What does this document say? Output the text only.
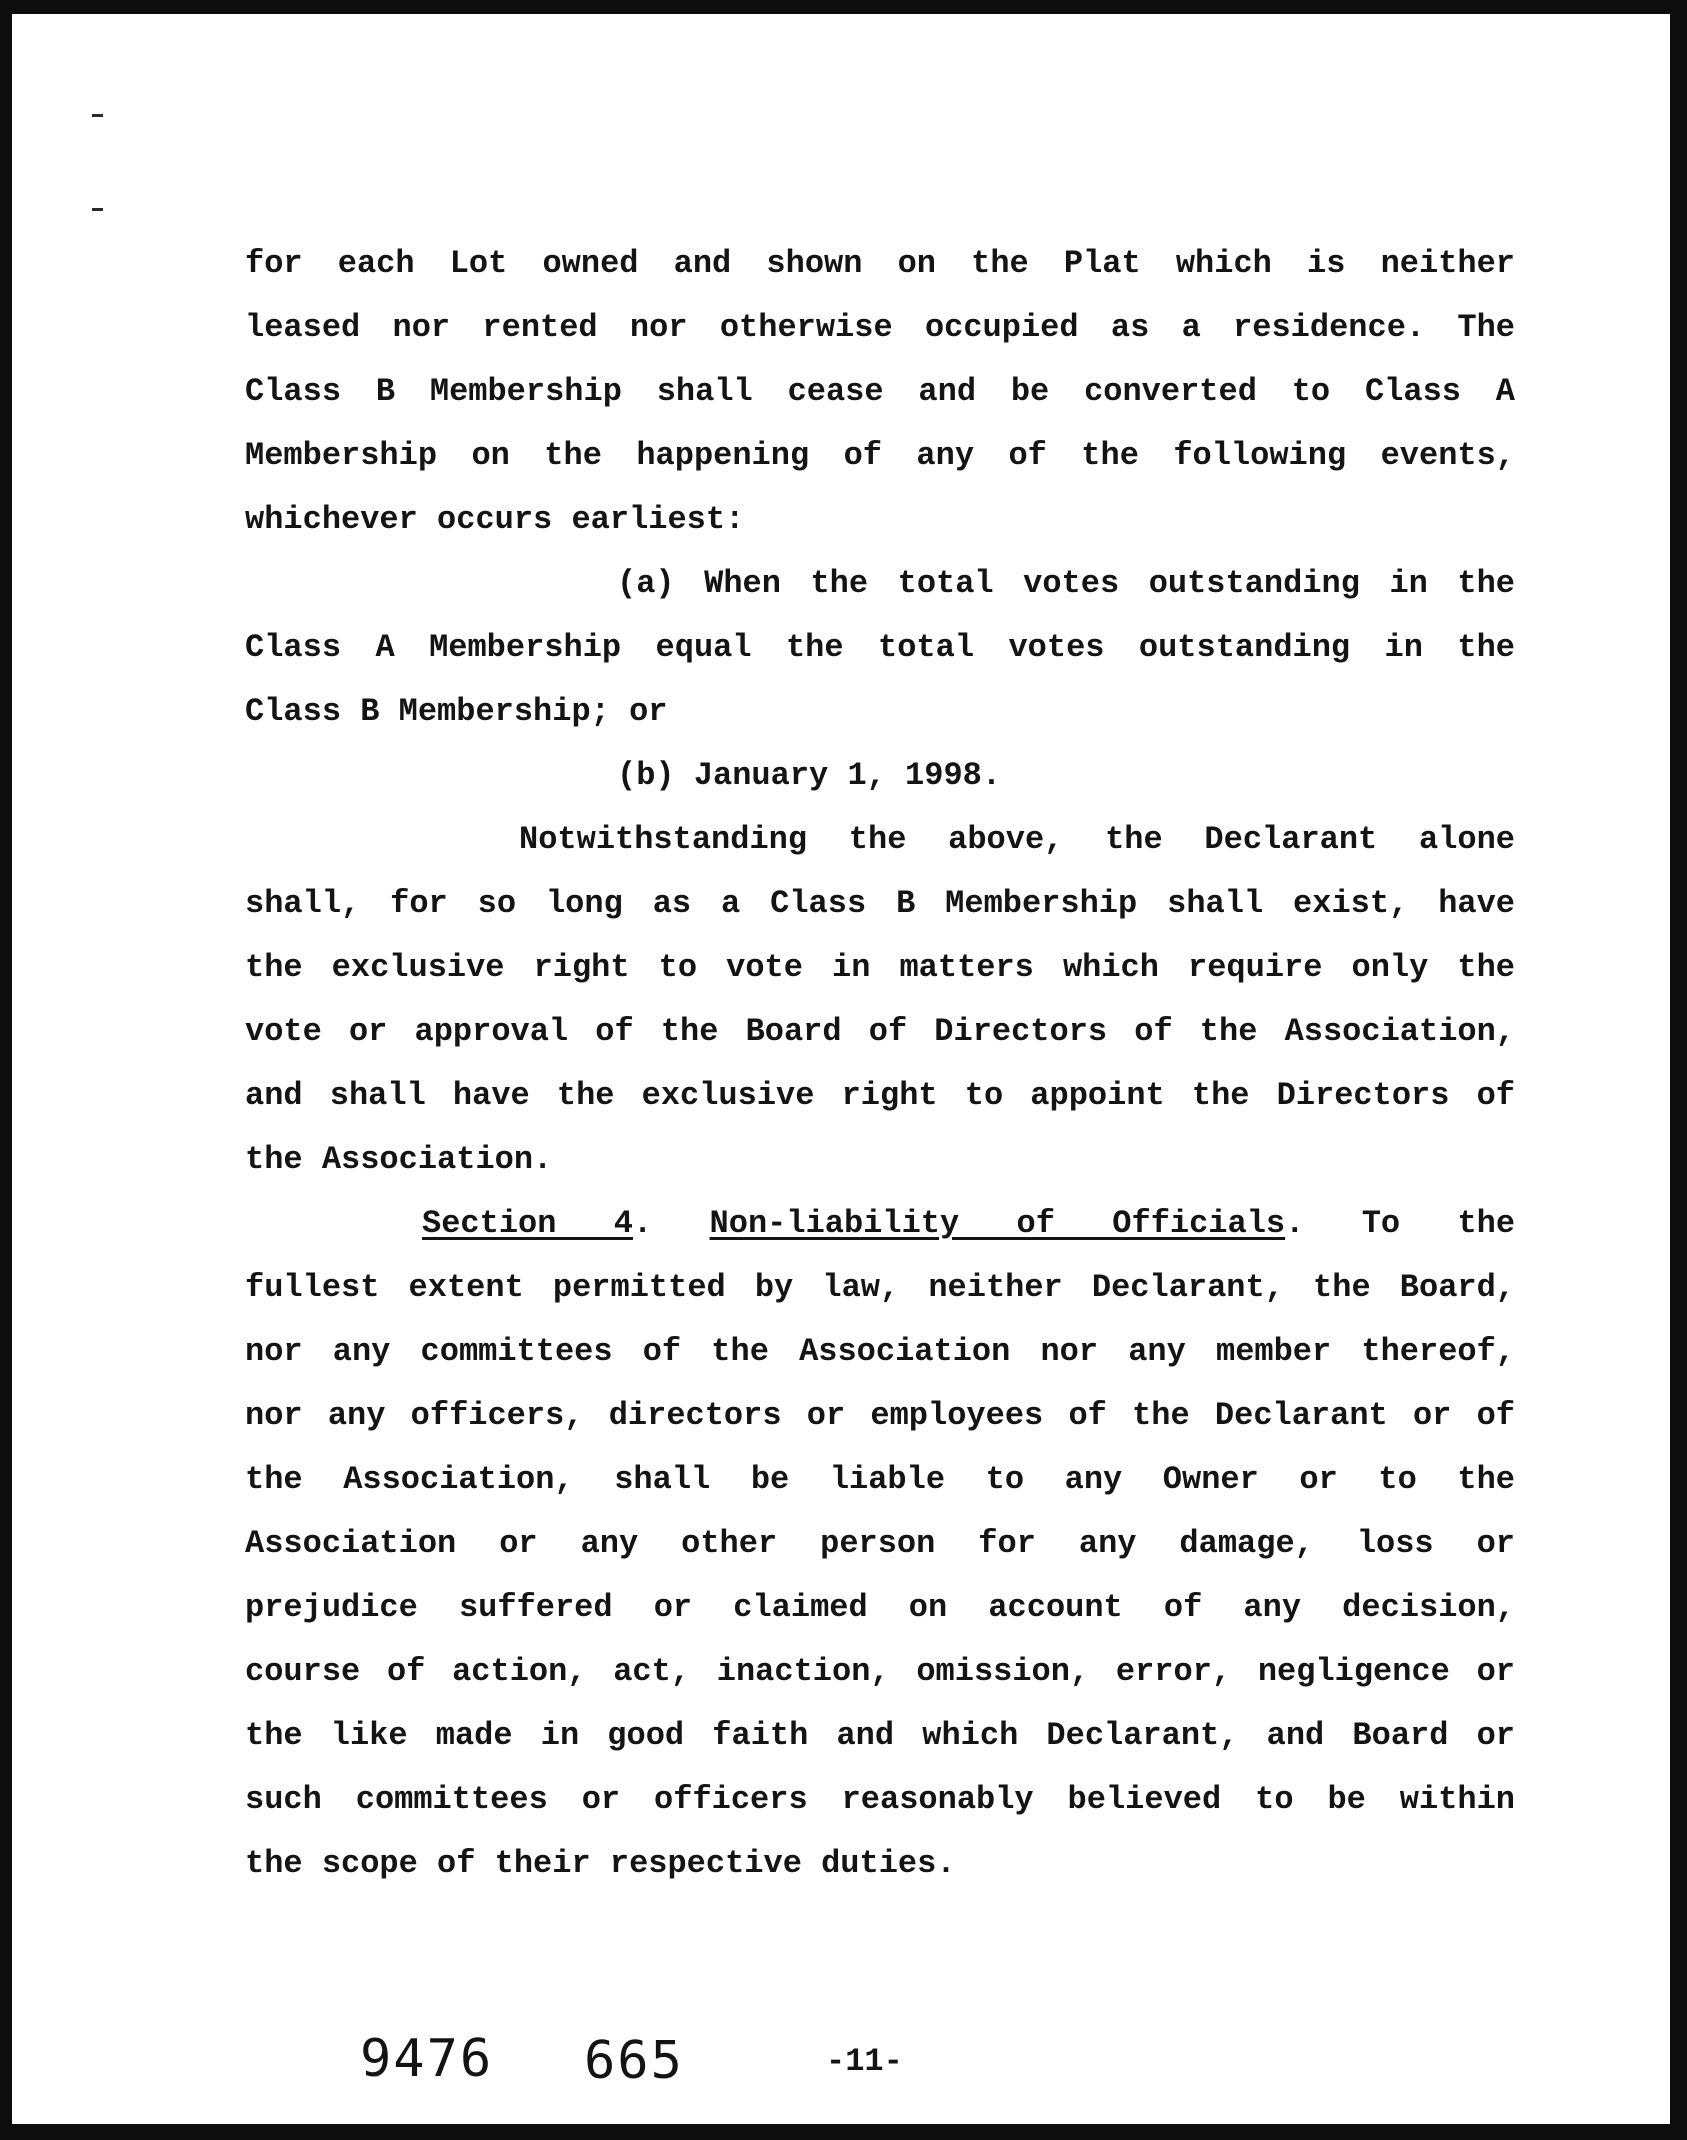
for each Lot owned and shown on the Plat which is neither
leased nor rented nor otherwise occupied as a residence. The
Class B Membership shall cease and be converted to Class A
Membership on the happening of any of the following events,
whichever occurs earliest:
(a) When the total votes outstanding in the
Class A Membership equal the total votes outstanding in the
Class B Membership; or
(b) January 1, 1998.
Notwithstanding the above, the Declarant alone
shall, for so long as a Class B Membership shall exist, have
the exclusive right to vote in matters which require only the
vote or approval of the Board of Directors of the Association,
and shall have the exclusive right to appoint the Directors of
the Association.
Section 4. Non-liability of Officials. To the
fullest extent permitted by law, neither Declarant, the Board,
nor any committees of the Association nor any member thereof,
nor any officers, directors or employees of the Declarant or of
the Association, shall be liable to any Owner or to the
Association or any other person for any damage, loss or
prejudice suffered or claimed on account of any decision,
course of action, act, inaction, omission, error, negligence or
the like made in good faith and which Declarant, and Board or
such committees or officers reasonably believed to be within
the scope of their respective duties.
9476 665	-11-
